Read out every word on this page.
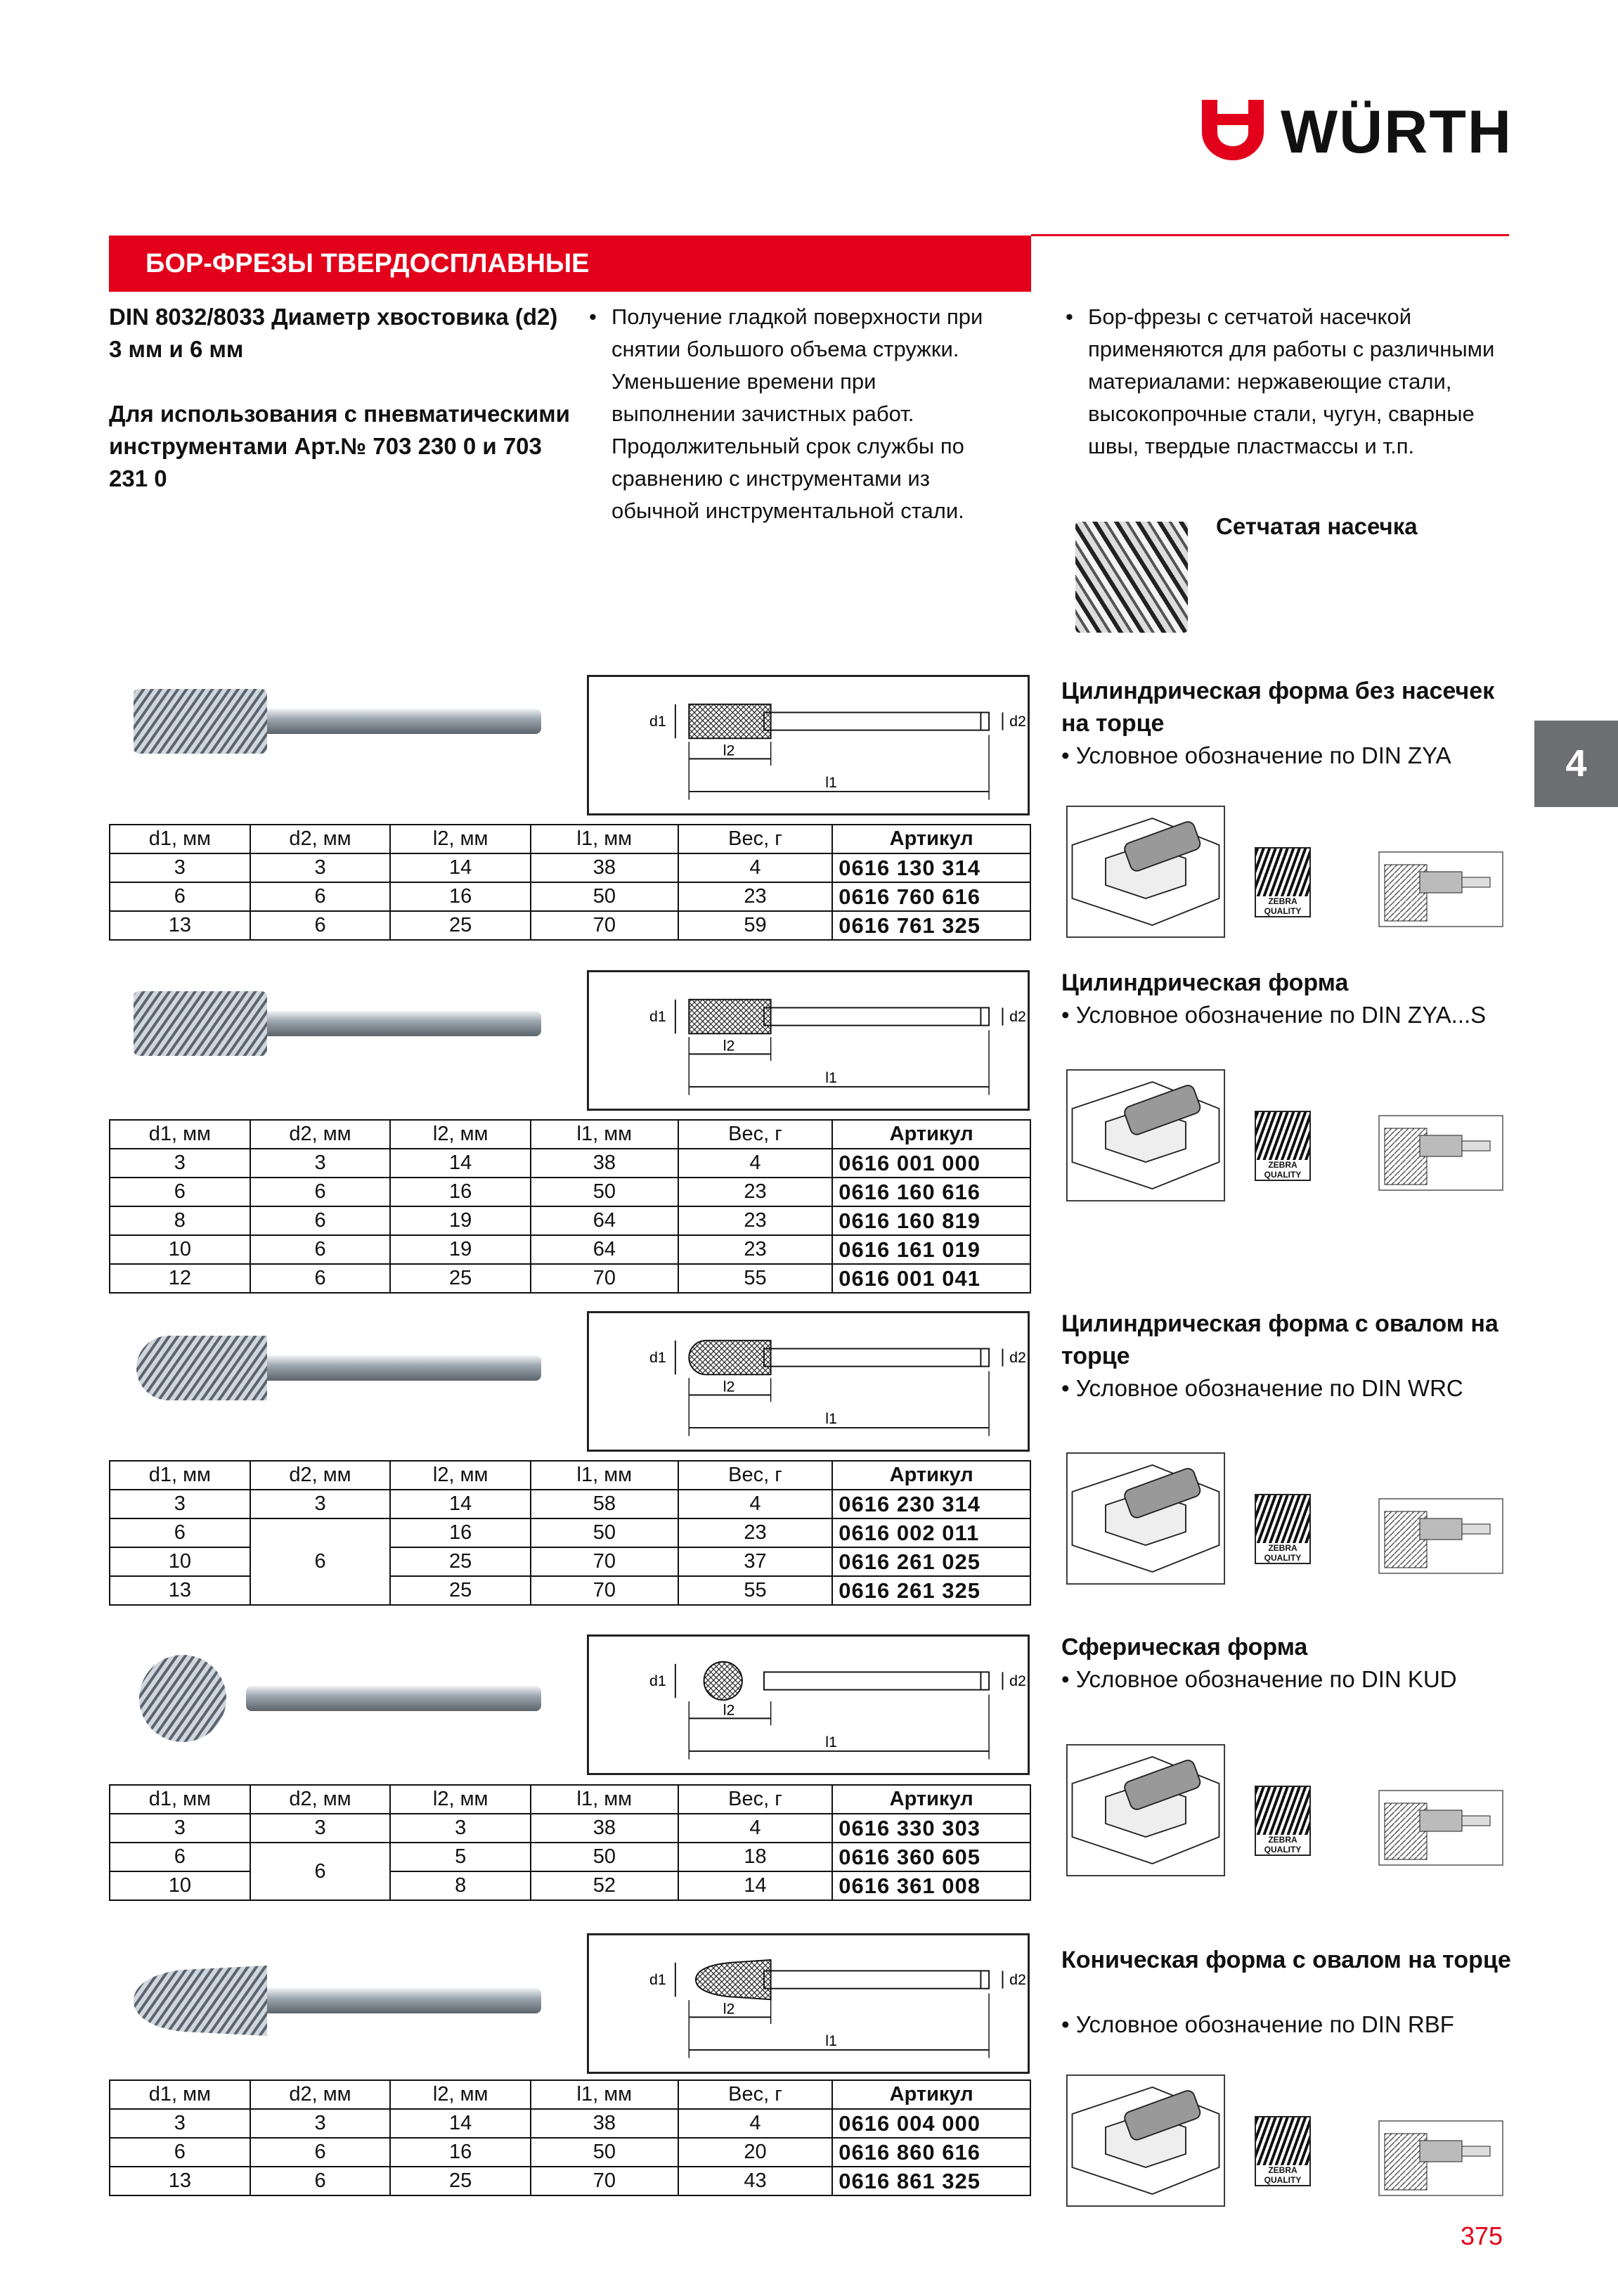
WÜRTH
БОР-ФРЕЗЫ ТВЕРДОСПЛАВНЫЕ

DIN 8032/8033 Диаметр хвостовика (d2) 3 мм и 6 мм

Для использования с пневматическими инструментами Арт.№ 703 230 0 и 703 231 0

• Получение гладкой поверхности при снятии большого объема стружки. Уменьшение времени при выполнении зачистных работ. Продолжительный срок службы по сравнению с инструментами из обычной инструментальной стали.
• Бор-фрезы с сетчатой насечкой применяются для работы с различными материалами: нержавеющие стали, высокопрочные стали, чугун, сварные швы, твердые пластмассы и т.п.
Сетчатая насечка
4
d1	d2
l2
l1
d1, мм	d2, мм	l2, мм	l1, мм	Вес, г	Артикул
3	3	14	38	4	0616 130 314
6	6	16	50	23	0616 760 616
13	6	25	70	59	0616 761 325
Цилиндрическая форма без насечек на торце
• Условное обозначение по DIN ZYA
ZEBRA QUALITY
d1	d2
l2
l1
d1, мм	d2, мм	l2, мм	l1, мм	Вес, г	Артикул
3	3	14	38	4	0616 001 000
6	6	16	50	23	0616 160 616
8	6	19	64	23	0616 160 819
10	6	19	64	23	0616 161 019
12	6	25	70	55	0616 001 041
Цилиндрическая форма
• Условное обозначение по DIN ZYA...S
ZEBRA QUALITY
d1	d2
l2
l1
d1, мм	d2, мм	l2, мм	l1, мм	Вес, г	Артикул
3	3	14	58	4	0616 230 314
6	6	16	50	23	0616 002 011
10		25	70	37	0616 261 025
13		25	70	55	0616 261 325
Цилиндрическая форма с овалом на торце
• Условное обозначение по DIN WRC
ZEBRA QUALITY
d1	d2
l2
l1
d1, мм	d2, мм	l2, мм	l1, мм	Вес, г	Артикул
3	3	3	38	4	0616 330 303
6	6	5	50	18	0616 360 605
10		8	52	14	0616 361 008
Сферическая форма
• Условное обозначение по DIN KUD
ZEBRA QUALITY
d1	d2
l2
l1
d1, мм	d2, мм	l2, мм	l1, мм	Вес, г	Артикул
3	3	14	38	4	0616 004 000
6	6	16	50	20	0616 860 616
13	6	25	70	43	0616 861 325
Коническая форма с овалом на торце
• Условное обозначение по DIN RBF
ZEBRA QUALITY
375
